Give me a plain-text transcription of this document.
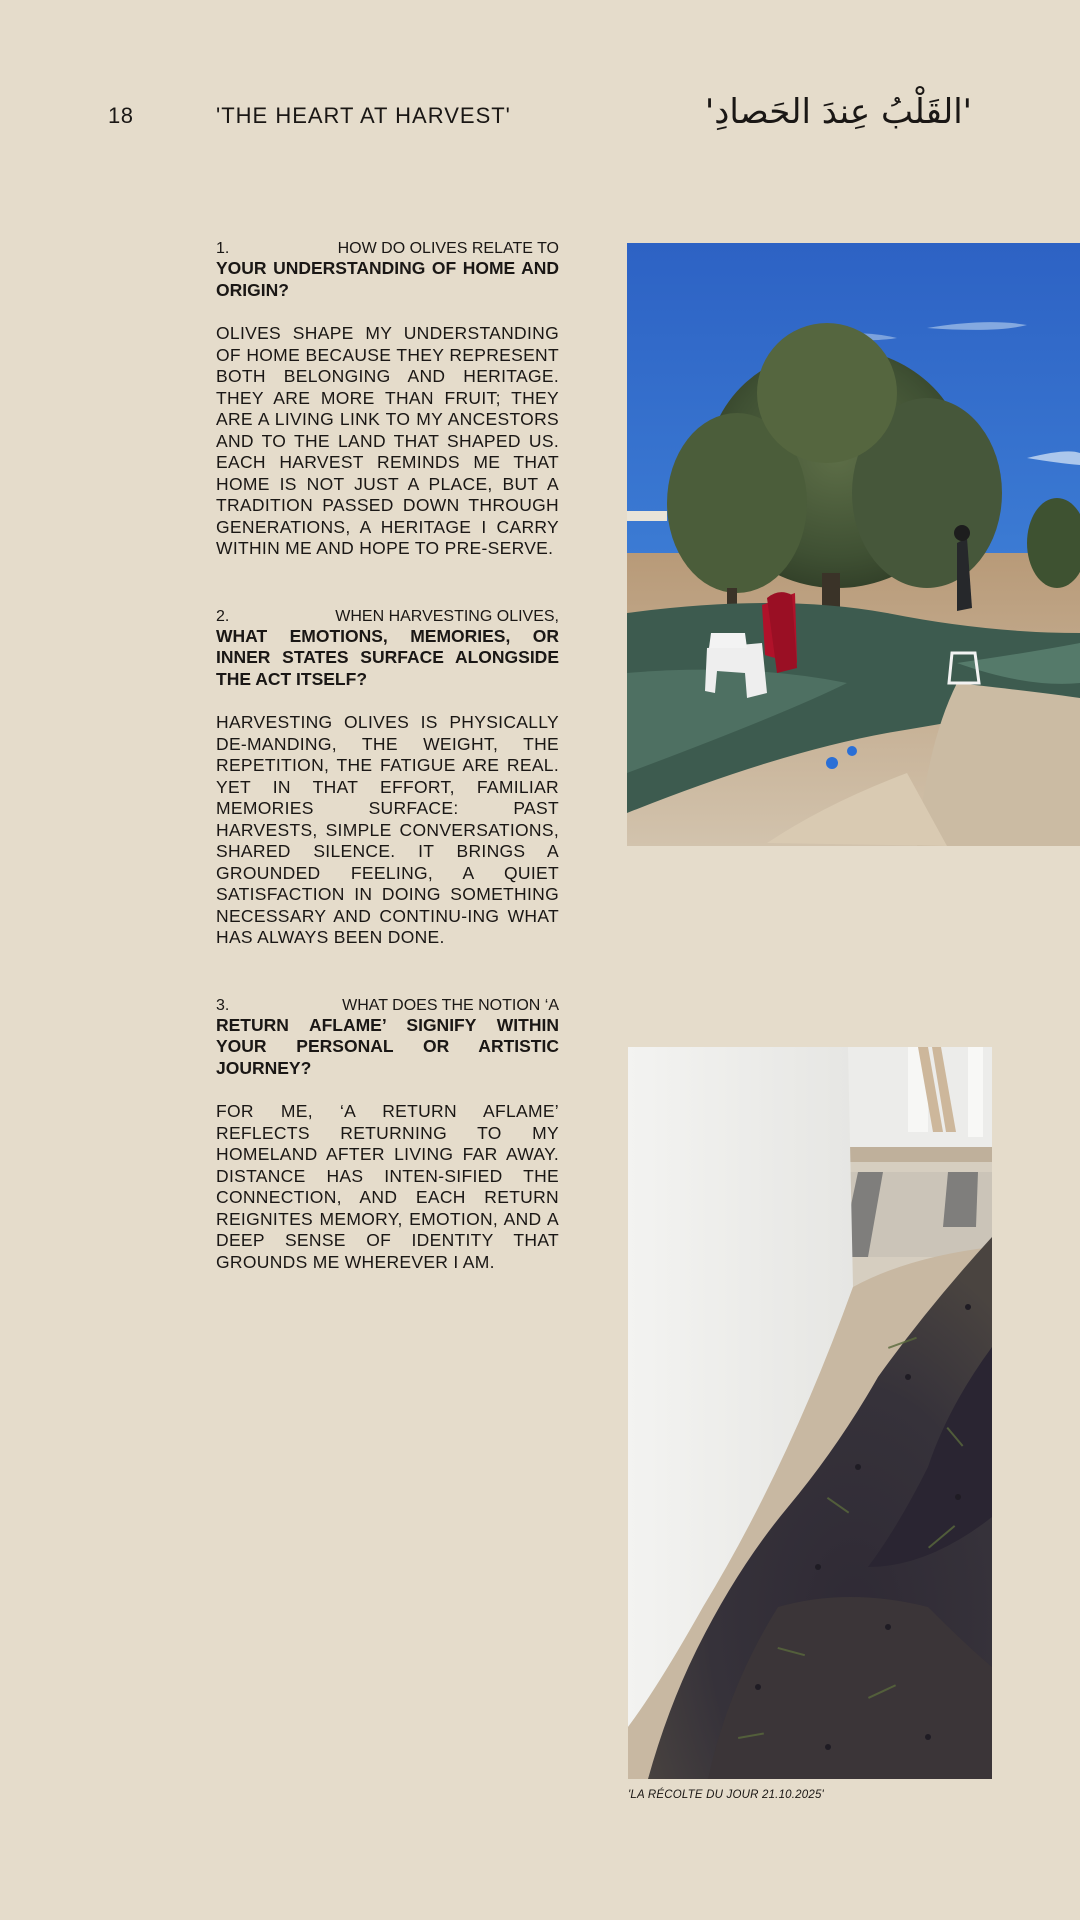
18	'THE HEART AT HARVEST'	'القَلْبُ عِندَ الحَصادِ'
1.	HOW DO OLIVES RELATE TO
YOUR UNDERSTANDING OF HOME AND ORIGIN?
OLIVES SHAPE MY UNDERSTANDING OF HOME BECAUSE THEY REPRESENT BOTH BELONGING AND HERITAGE. THEY ARE MORE THAN FRUIT; THEY ARE A LIVING LINK TO MY ANCESTORS AND TO THE LAND THAT SHAPED US. EACH HARVEST REMINDS ME THAT HOME IS NOT JUST A PLACE, BUT A TRADITION PASSED DOWN THROUGH GENERATIONS, A HERITAGE I CARRY WITHIN ME AND HOPE TO PRE-SERVE.
2.	WHEN HARVESTING OLIVES,
WHAT EMOTIONS, MEMORIES, OR INNER STATES SURFACE ALONGSIDE THE ACT ITSELF?
HARVESTING OLIVES IS PHYSICALLY DE-MANDING, THE WEIGHT, THE REPETITION, THE FATIGUE ARE REAL. YET IN THAT EFFORT, FAMILIAR MEMORIES SURFACE: PAST HARVESTS, SIMPLE CONVERSATIONS, SHARED SILENCE. IT BRINGS A GROUNDED FEELING, A QUIET SATISFACTION IN DOING SOMETHING NECESSARY AND CONTINU-ING WHAT HAS ALWAYS BEEN DONE.
3.	WHAT DOES THE NOTION ‘A
RETURN AFLAME’ SIGNIFY WITHIN YOUR PERSONAL OR ARTISTIC JOURNEY?
FOR ME, ‘A RETURN AFLAME’ REFLECTS RETURNING TO MY HOMELAND AFTER LIVING FAR AWAY. DISTANCE HAS INTEN-SIFIED THE CONNECTION, AND EACH RETURN REIGNITES MEMORY, EMOTION, AND A DEEP SENSE OF IDENTITY THAT GROUNDS ME WHEREVER I AM.
'LA RÉCOLTE DU JOUR 21.10.2025'
